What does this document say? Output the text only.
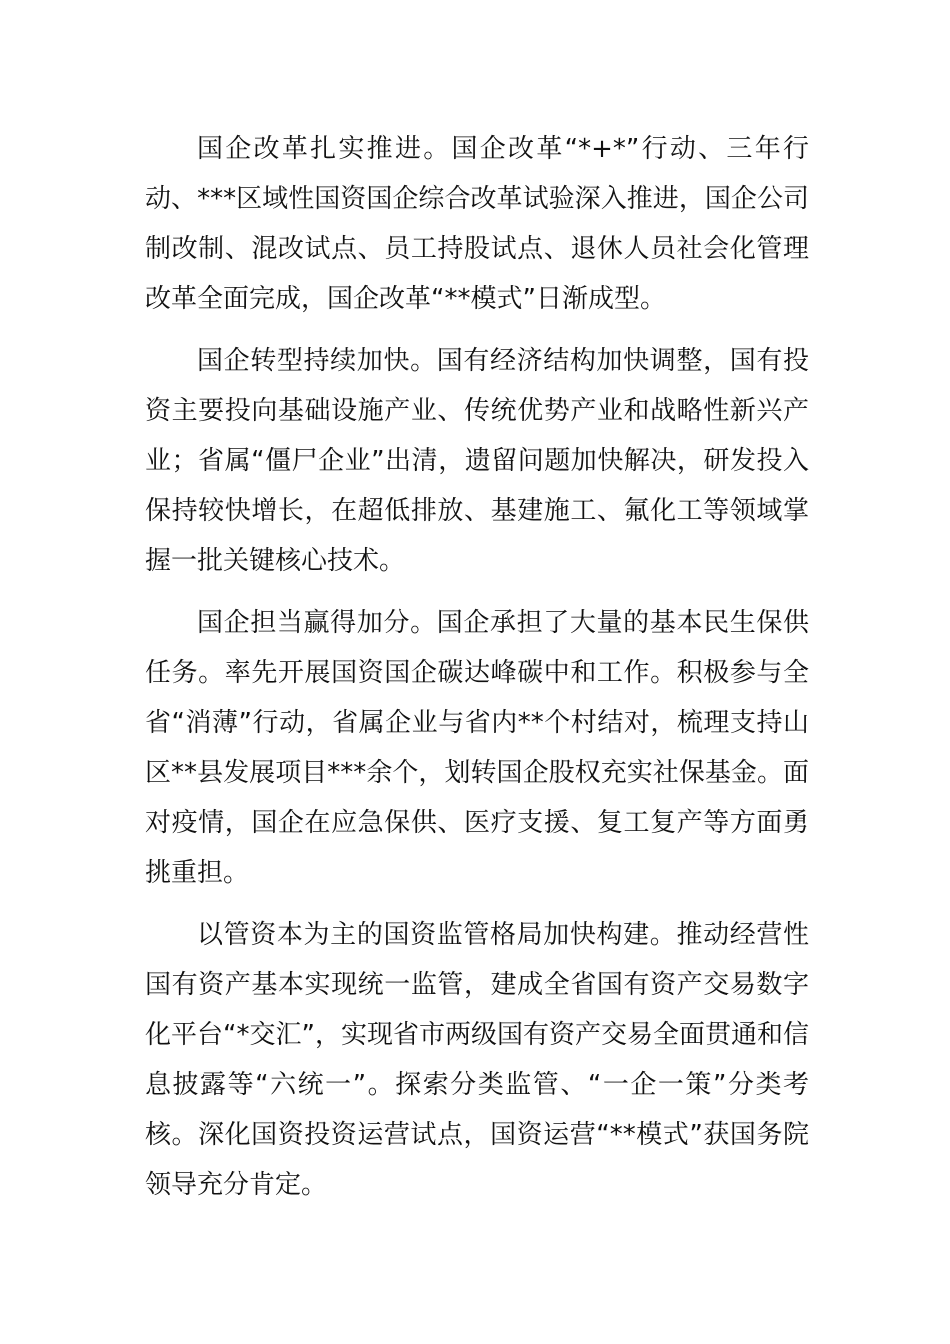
国企改革扎实推进。国企改革“*+*”行动、三年行动、***区域性国资国企综合改革试验深入推进，国企公司制改制、混改试点、员工持股试点、退休人员社会化管理改革全面完成，国企改革“**模式”日渐成型。

国企转型持续加快。国有经济结构加快调整，国有投资主要投向基础设施产业、传统优势产业和战略性新兴产业；省属“僵尸企业”出清，遗留问题加快解决，研发投入保持较快增长，在超低排放、基建施工、氟化工等领域掌握一批关键核心技术。

国企担当赢得加分。国企承担了大量的基本民生保供任务。率先开展国资国企碳达峰碳中和工作。积极参与全省“消薄”行动，省属企业与省内**个村结对，梳理支持山区**县发展项目***余个，划转国企股权充实社保基金。面对疫情，国企在应急保供、医疗支援、复工复产等方面勇挑重担。

以管资本为主的国资监管格局加快构建。推动经营性国有资产基本实现统一监管，建成全省国有资产交易数字化平台“*交汇”，实现省市两级国有资产交易全面贯通和信息披露等“六统一”。探索分类监管、“一企一策”分类考核。深化国资投资运营试点，国资运营“**模式”获国务院领导充分肯定。
